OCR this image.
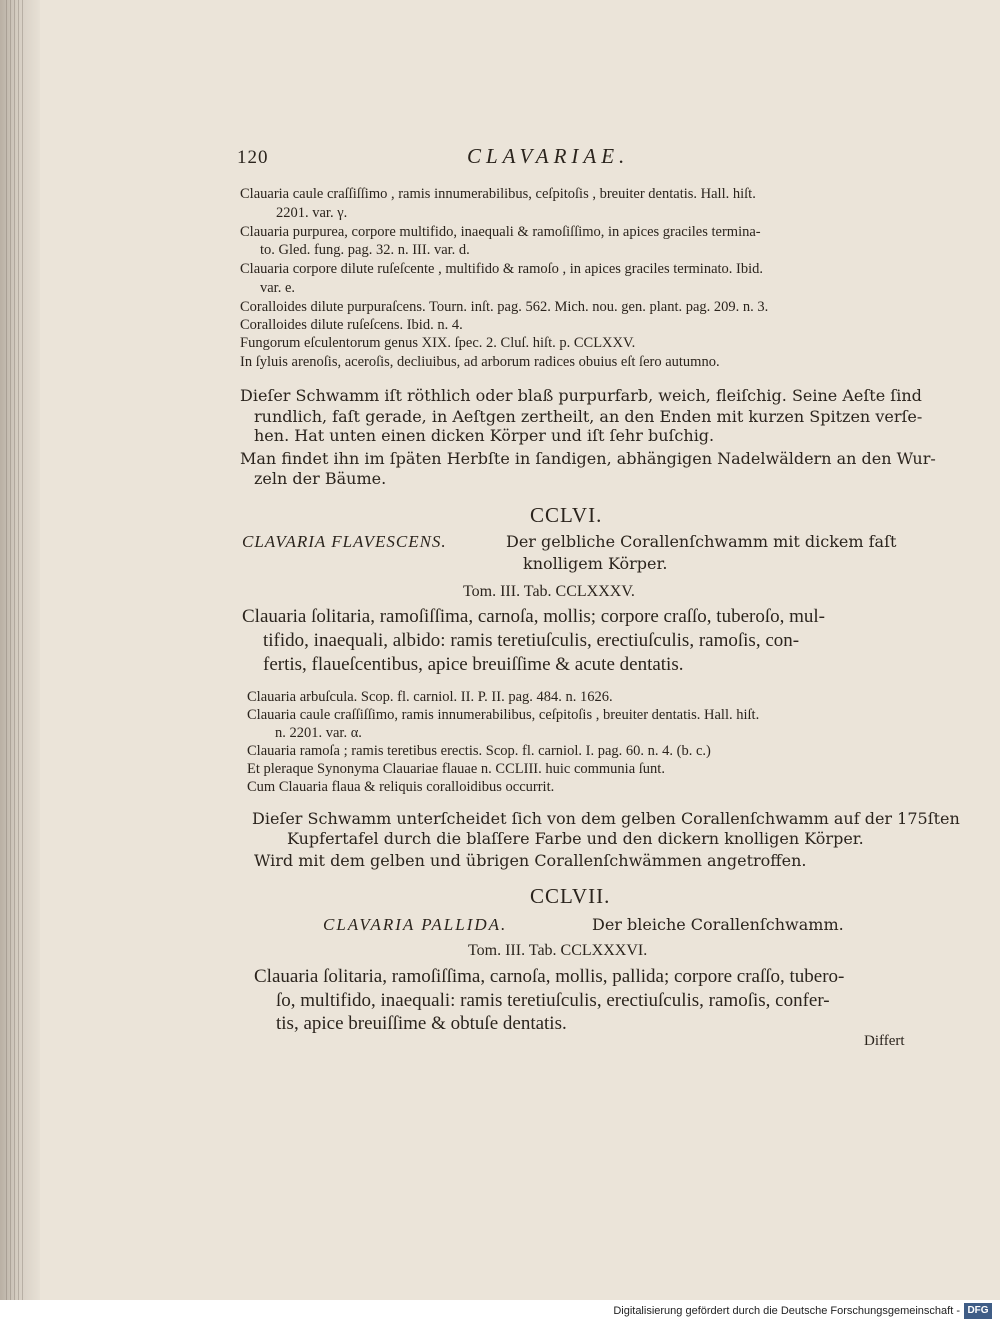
120	CLAVARIAE.
Clauaria caule craſſiſſimo , ramis innumerabilibus, ceſpitoſis , breuiter dentatis. Hall. hiſt.
2201. var. γ.
Clauaria purpurea, corpore multifido, inaequali & ramoſiſſimo, in apices graciles termina-
to. Gled. fung. pag. 32. n. III. var. d.
Clauaria corpore dilute ruſeſcente , multifido & ramoſo , in apices graciles terminato. Ibid.
var. e.
Coralloides dilute purpuraſcens. Tourn. inſt. pag. 562. Mich. nou. gen. plant. pag. 209. n. 3.
Coralloides dilute ruſeſcens. Ibid. n. 4.
Fungorum eſculentorum genus XIX. ſpec. 2. Cluſ. hiſt. p. CCLXXV.
In ſyluis arenoſis, aceroſis, decliuibus, ad arborum radices obuius eſt ſero autumno.
Dieſer Schwamm iſt röthlich oder blaß purpurfarb, weich, fleiſchig. Seine Aeſte ſind
rundlich, faſt gerade, in Aeſtgen zertheilt, an den Enden mit kurzen Spitzen verſe-
hen. Hat unten einen dicken Körper und iſt ſehr buſchig.
Man findet ihn im ſpäten Herbſte in ſandigen, abhängigen Nadelwäldern an den Wur-
zeln der Bäume.
CCLVI.
CLAVARIA FLAVESCENS.	Der gelbliche Corallenſchwamm mit dickem faſt
knolligem Körper.
Tom. III. Tab. CCLXXXV.
Clauaria ſolitaria, ramoſiſſima, carnoſa, mollis; corpore craſſo, tuberoſo, mul-
tifido, inaequali, albido: ramis teretiuſculis, erectiuſculis, ramoſis, con-
fertis, flaueſcentibus, apice breuiſſime & acute dentatis.
Clauaria arbuſcula. Scop. fl. carniol. II. P. II. pag. 484. n. 1626.
Clauaria caule craſſiſſimo, ramis innumerabilibus, ceſpitoſis , breuiter dentatis. Hall. hiſt.
n. 2201. var. α.
Clauaria ramoſa ; ramis teretibus erectis. Scop. fl. carniol. I. pag. 60. n. 4. (b. c.)
Et pleraque Synonyma Clauariae flauae n. CCLIII. huic communia ſunt.
Cum Clauaria flaua & reliquis coralloidibus occurrit.
Dieſer Schwamm unterſcheidet ſich von dem gelben Corallenſchwamm auf der 175ſten
Kupfertafel durch die blaſſere Farbe und den dickern knolligen Körper.
Wird mit dem gelben und übrigen Corallenſchwämmen angetroffen.
CCLVII.
CLAVARIA PALLIDA.	Der bleiche Corallenſchwamm.
Tom. III. Tab. CCLXXXVI.
Clauaria ſolitaria, ramoſiſſima, carnoſa, mollis, pallida; corpore craſſo, tubero-
ſo, multifido, inaequali: ramis teretiuſculis, erectiuſculis, ramoſis, confer-
tis, apice breuiſſime & obtuſe dentatis.
Differt
Digitalisierung gefördert durch die Deutsche Forschungsgemeinschaft - DFG
